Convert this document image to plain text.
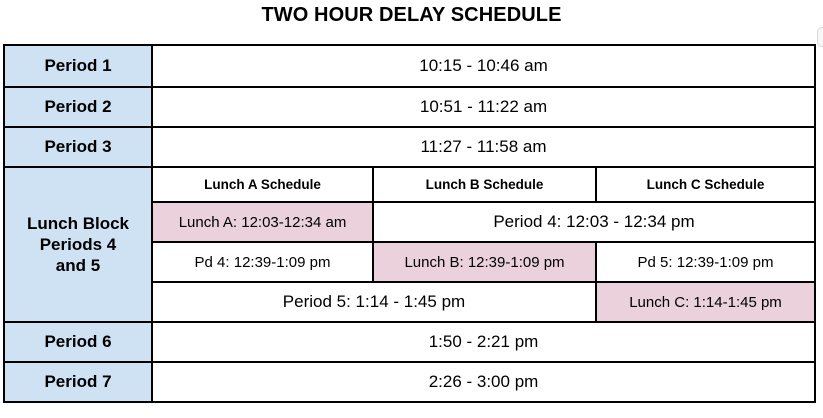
TWO HOUR DELAY SCHEDULE
Period 1	10:15 - 10:46 am
Period 2	10:51 - 11:22 am
Period 3	11:27 - 11:58 am
Lunch Block Periods 4 and 5
Lunch A Schedule	Lunch B Schedule	Lunch C Schedule
Lunch A: 12:03-12:34 am	Period 4: 12:03 - 12:34 pm
Pd 4: 12:39-1:09 pm	Lunch B: 12:39-1:09 pm	Pd 5: 12:39-1:09 pm
Period 5: 1:14 - 1:45 pm	Lunch C: 1:14-1:45 pm
Period 6	1:50 - 2:21 pm
Period 7	2:26 - 3:00 pm
